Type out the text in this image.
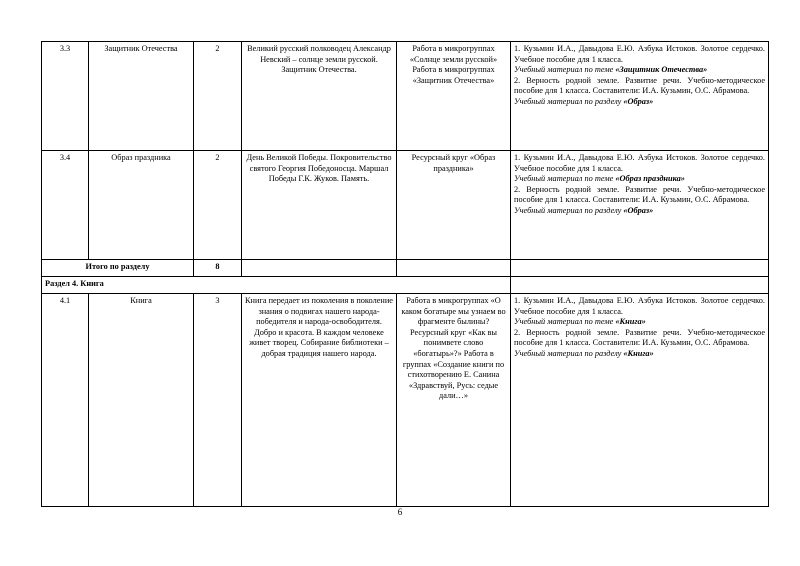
3.3	Защитник Отечества	2	Великий русский полководец Александр Невский – солнце земли русской. Защитник Отечества.	Работа в микрогруппах «Солнце земли русской» Работа в микрогруппах «Защитник Отечества»	1. Кузьмин И.А., Давыдова Е.Ю. Азбука Истоков. Золотое сердечко. Учебное пособие для 1 класса.

Учебный материал по теме «Защитник Отечества»

2. Верность родной земле. Развитие речи. Учебно-методическое пособие для 1 класса. Составители: И.А. Кузьмин, О.С. Абрамова.

Учебный материал по разделу «Образ»

3.4	Образ праздника	2	День Великой Победы. Покровительство святого Георгия Победоносца. Маршал Победы Г.К. Жуков. Память.	Ресурсный круг «Образ праздника»	1. Кузьмин И.А., Давыдова Е.Ю. Азбука Истоков. Золотое сердечко. Учебное пособие для 1 класса.

Учебный материал по теме «Образ праздника»

2. Верность родной земле. Развитие речи. Учебно-методическое пособие для 1 класса. Составители: И.А. Кузьмин, О.С. Абрамова.

Учебный материал по разделу «Образ»

Итого по разделу		8			
Раздел 4. Книга					
4.1	Книга	3	Книга передает из поколения в поколение знания о подвигах нашего народа-победителя и народа-освободителя. Добро и красота. В каждом человеке живет творец. Собирание библиотеки – добрая традиция нашего народа.	Работа в микрогруппах «О каком богатыре мы узнаем во фрагменте былины? Ресурсный круг «Как вы понимвете слово «богатырь»?» Работа в группах «Создание книги по стихотворению Е. Санина «Здравствуй, Русь: седые дали…»	

1. Кузьмин И.А., Давыдова Е.Ю. Азбука Истоков. Золотое сердечко. Учебное пособие для 1 класса.

Учебный материал по теме «Книга»

2. Верность родной земле. Развитие речи. Учебно-методическое пособие для 1 класса. Составители: И.А. Кузьмин, О.С. Абрамова.

Учебный материал по разделу «Книга»

6
